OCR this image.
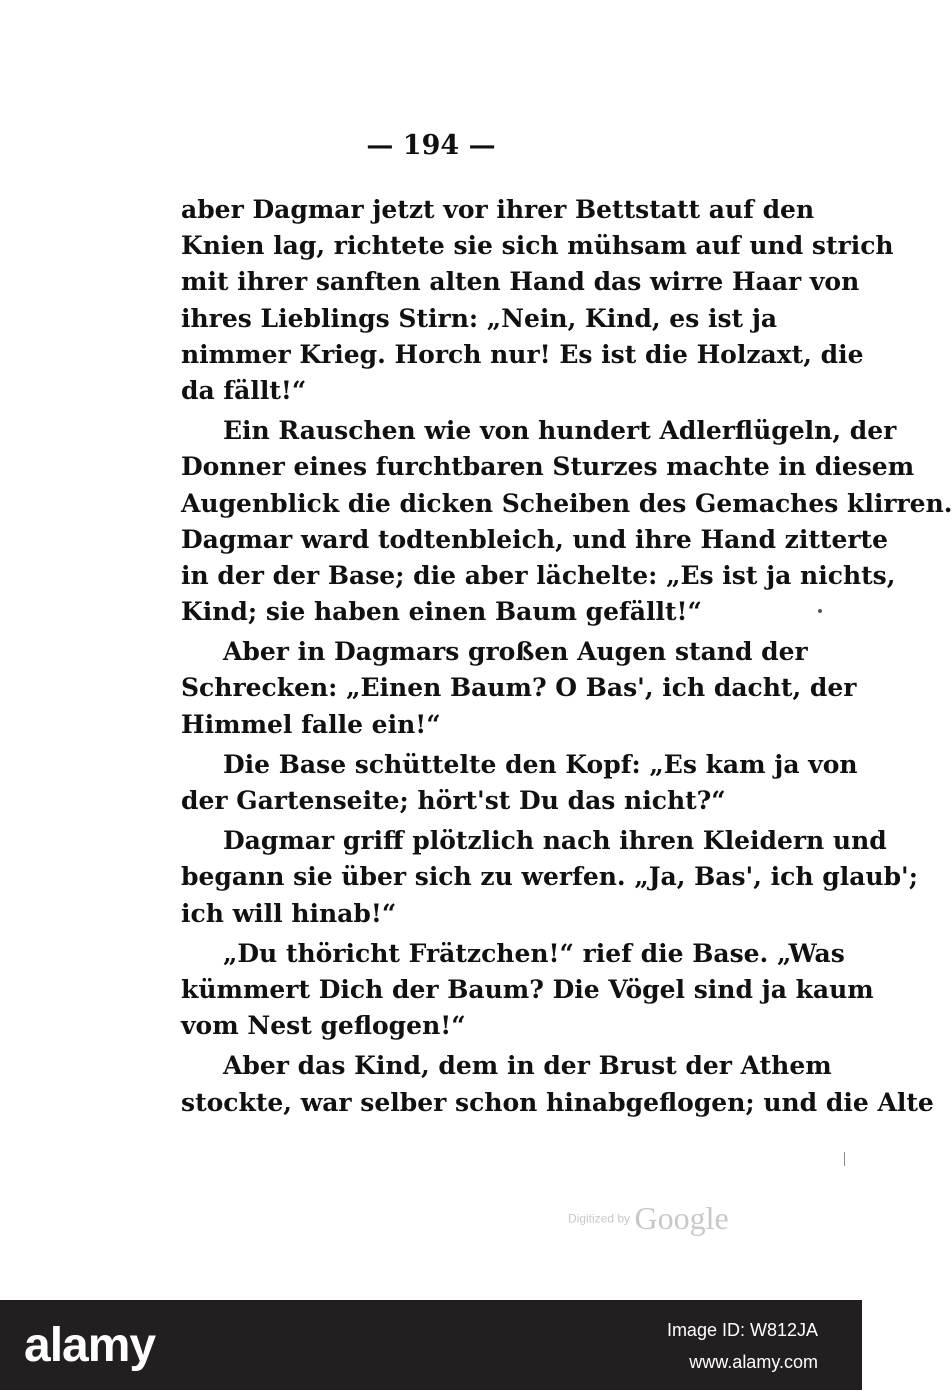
— 194 —
aber Dagmar jetzt vor ihrer Bettstatt auf den
Knien lag, richtete sie sich mühsam auf und strich
mit ihrer sanften alten Hand das wirre Haar von
ihres Lieblings Stirn: „Nein, Kind, es ist ja
nimmer Krieg. Horch nur! Es ist die Holzaxt, die
da fällt!“
Ein Rauschen wie von hundert Adlerflügeln, der
Donner eines furchtbaren Sturzes machte in diesem
Augenblick die dicken Scheiben des Gemaches klirren.
Dagmar ward todtenbleich, und ihre Hand zitterte
in der der Base; die aber lächelte: „Es ist ja nichts,
Kind; sie haben einen Baum gefällt!“
Aber in Dagmars großen Augen stand der
Schrecken: „Einen Baum? O Bas', ich dacht, der
Himmel falle ein!“
Die Base schüttelte den Kopf: „Es kam ja von
der Gartenseite; hört'st Du das nicht?“
Dagmar griff plötzlich nach ihren Kleidern und
begann sie über sich zu werfen. „Ja, Bas', ich glaub';
ich will hinab!“
„Du thöricht Frätzchen!“ rief die Base. „Was
kümmert Dich der Baum? Die Vögel sind ja kaum
vom Nest geflogen!“
Aber das Kind, dem in der Brust der Athem
stockte, war selber schon hinabgeflogen; und die Alte
Digitized by Google
alamy	Image ID: W812JA
www.alamy.com
